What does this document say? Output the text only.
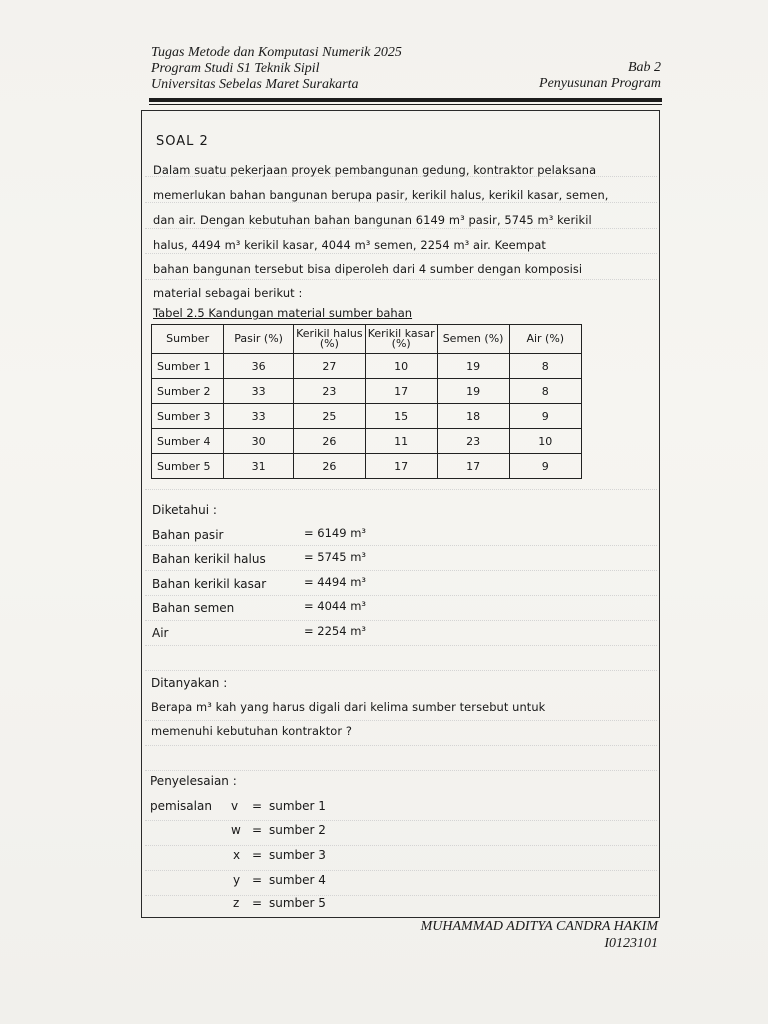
Tugas Metode dan Komputasi Numerik 2025
Program Studi S1 Teknik Sipil
Universitas Sebelas Maret Surakarta
Bab 2
Penyusunan Program
SOAL 2
Dalam suatu pekerjaan proyek pembangunan gedung, kontraktor pelaksana
memerlukan bahan bangunan berupa pasir, kerikil halus, kerikil kasar, semen,
dan air. Dengan kebutuhan bahan bangunan 6149 m³ pasir, 5745 m³ kerikil
halus, 4494 m³ kerikil kasar, 4044 m³ semen, 2254 m³ air. Keempat
bahan bangunan tersebut bisa diperoleh dari 4 sumber dengan komposisi
material sebagai berikut :
Tabel 2.5 Kandungan material sumber bahan
Sumber	Pasir (%)	Kerikil halus (%)	Kerikil kasar (%)	Semen (%)	Air (%)
Sumber 1	36	27	10	19	8
Sumber 2	33	23	17	19	8
Sumber 3	33	25	15	18	9
Sumber 4	30	26	11	23	10
Sumber 5	31	26	17	17	9
Diketahui :
Bahan pasir	= 6149 m³
Bahan kerikil halus	= 5745 m³
Bahan kerikil kasar	= 4494 m³
Bahan semen	= 4044 m³
Air	= 2254 m³
Ditanyakan :
Berapa m³ kah yang harus digali dari kelima sumber tersebut untuk
memenuhi kebutuhan kontraktor ?
Penyelesaian :
pemisalan v = sumber 1
w = sumber 2
x = sumber 3
y = sumber 4
z = sumber 5
MUHAMMAD ADITYA CANDRA HAKIM
I0123101
